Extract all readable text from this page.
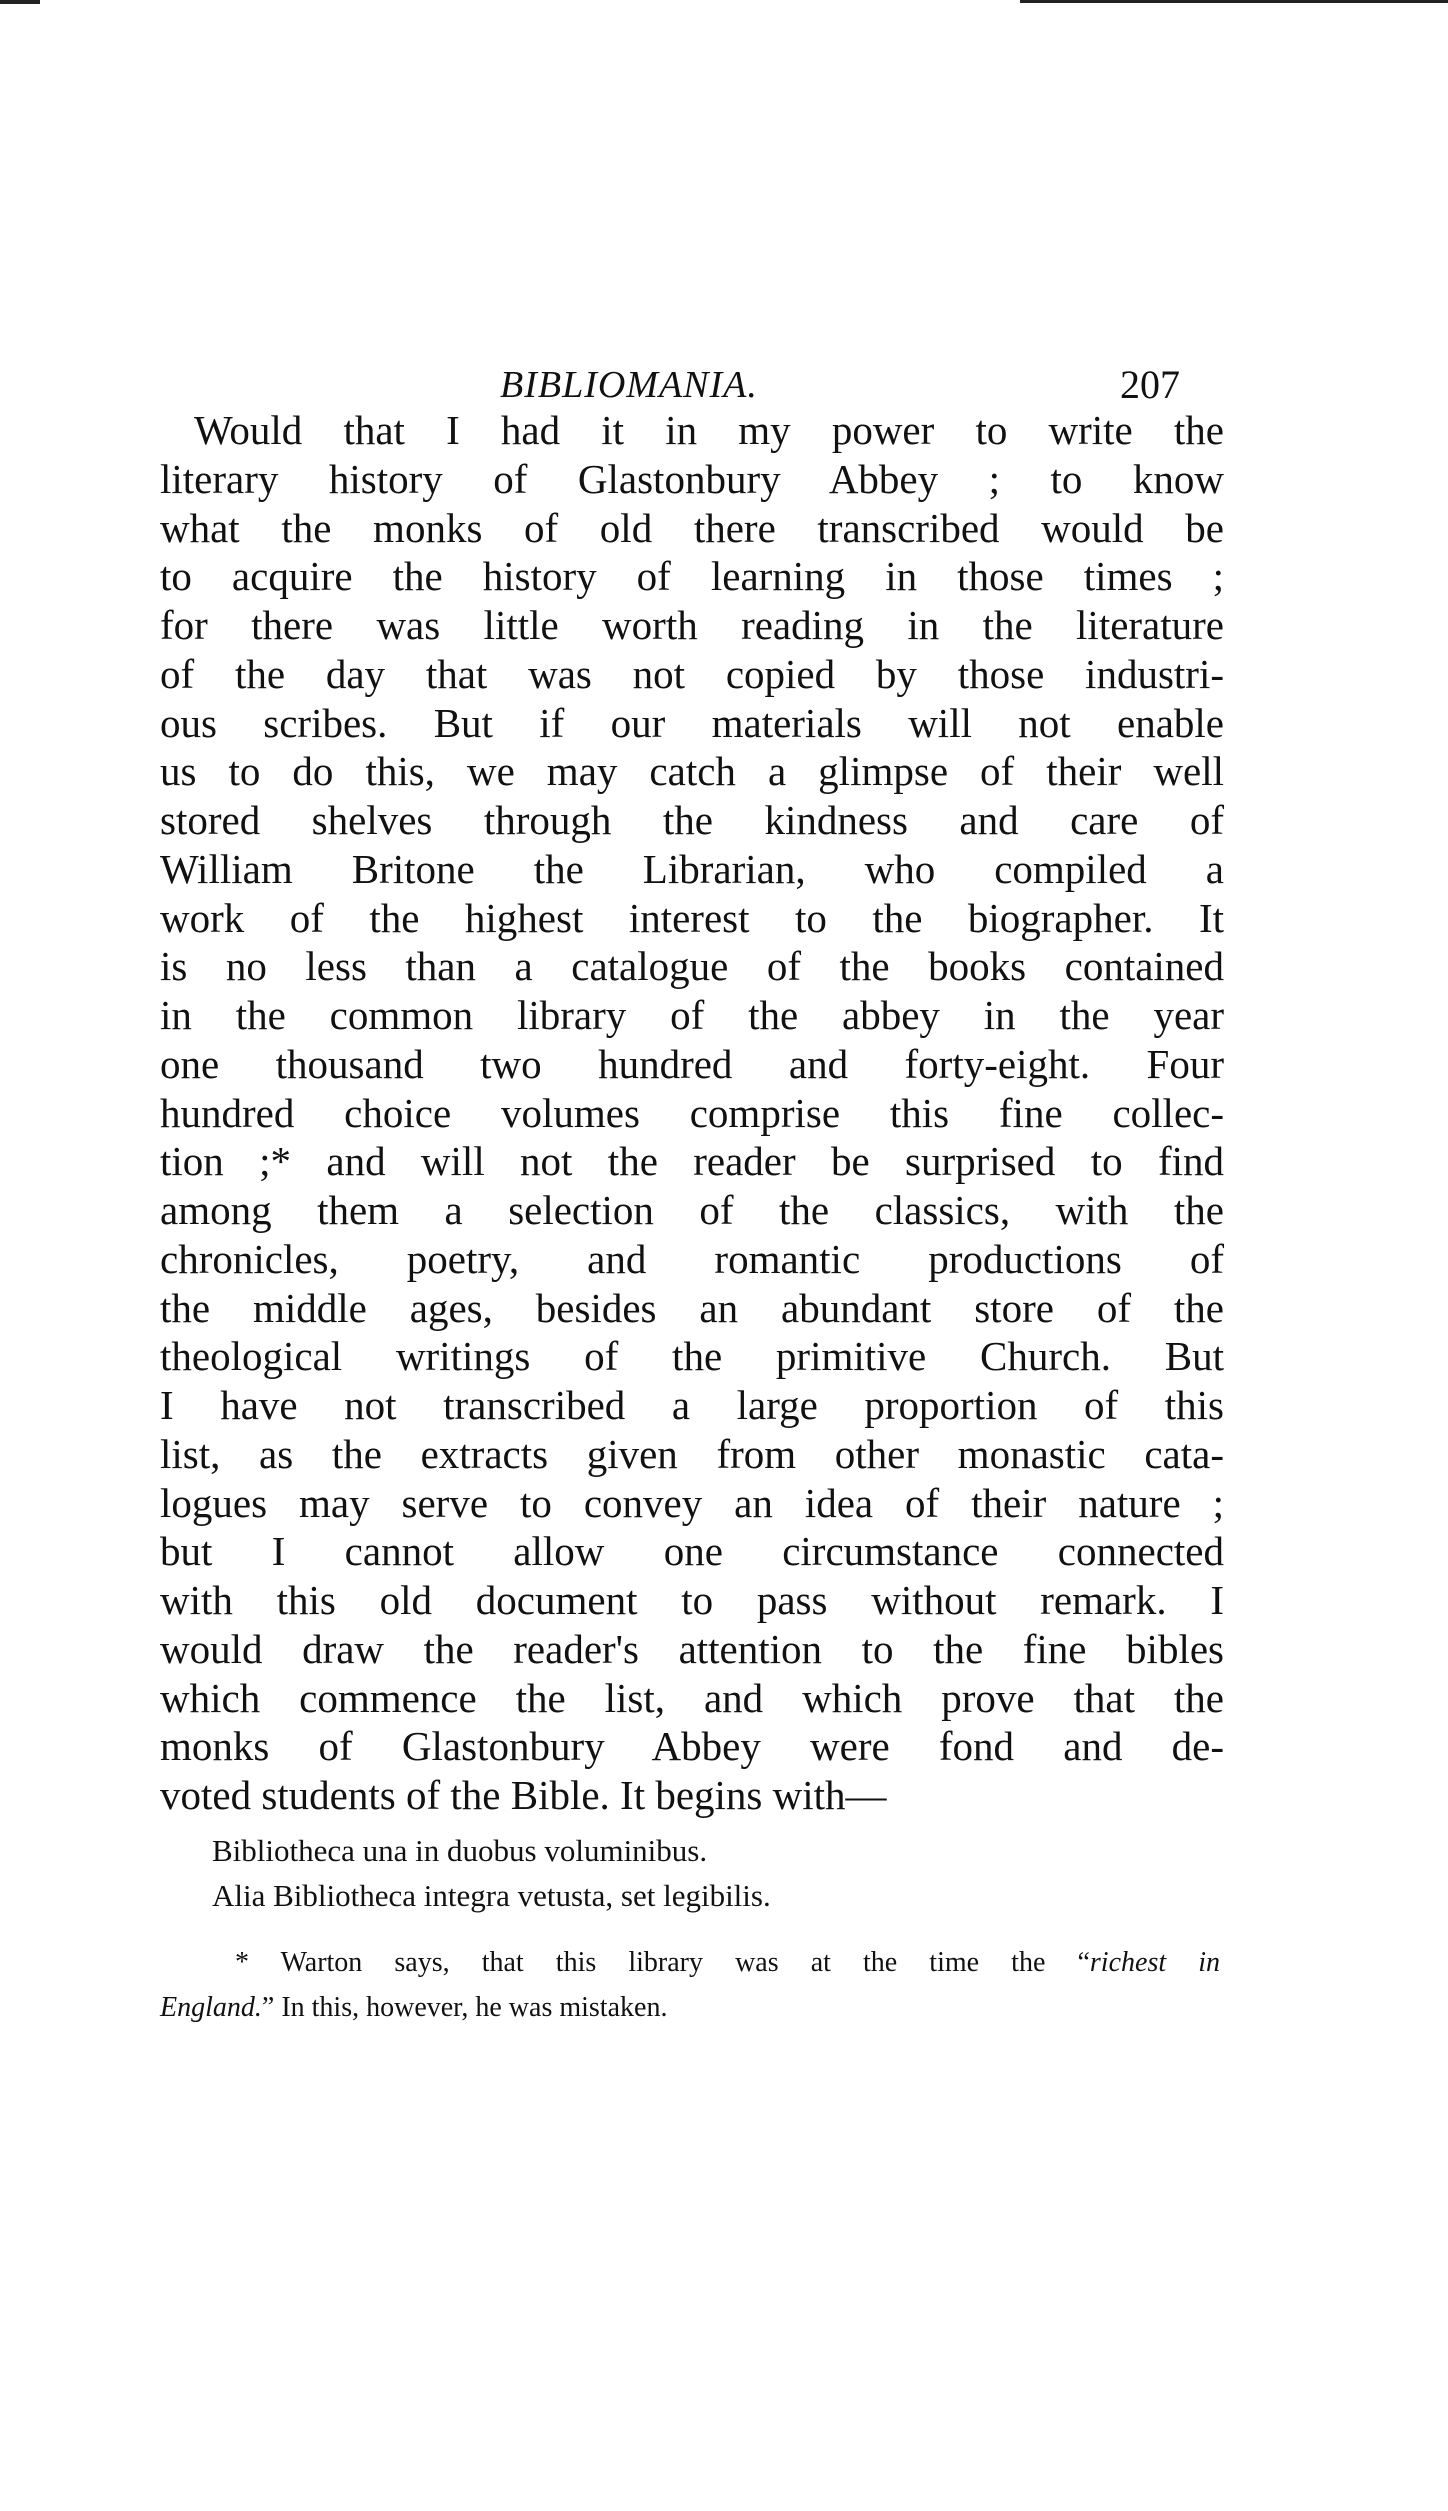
BIBLIOMANIA.	207
Would that I had it in my power to write the
literary history of Glastonbury Abbey ; to know
what the monks of old there transcribed would be
to acquire the history of learning in those times ;
for there was little worth reading in the literature
of the day that was not copied by those industri-
ous scribes. But if our materials will not enable
us to do this, we may catch a glimpse of their well
stored shelves through the kindness and care of
William Britone the Librarian, who compiled a
work of the highest interest to the biographer. It
is no less than a catalogue of the books contained
in the common library of the abbey in the year
one thousand two hundred and forty-eight. Four
hundred choice volumes comprise this fine collec-
tion ;* and will not the reader be surprised to find
among them a selection of the classics, with the
chronicles, poetry, and romantic productions of
the middle ages, besides an abundant store of the
theological writings of the primitive Church. But
I have not transcribed a large proportion of this
list, as the extracts given from other monastic cata-
logues may serve to convey an idea of their nature ;
but I cannot allow one circumstance connected
with this old document to pass without remark. I
would draw the reader's attention to the fine bibles
which commence the list, and which prove that the
monks of Glastonbury Abbey were fond and de-
voted students of the Bible. It begins with—
Bibliotheca una in duobus voluminibus.
Alia Bibliotheca integra vetusta, set legibilis.
* Warton says, that this library was at the time the “richest in
England.” In this, however, he was mistaken.
